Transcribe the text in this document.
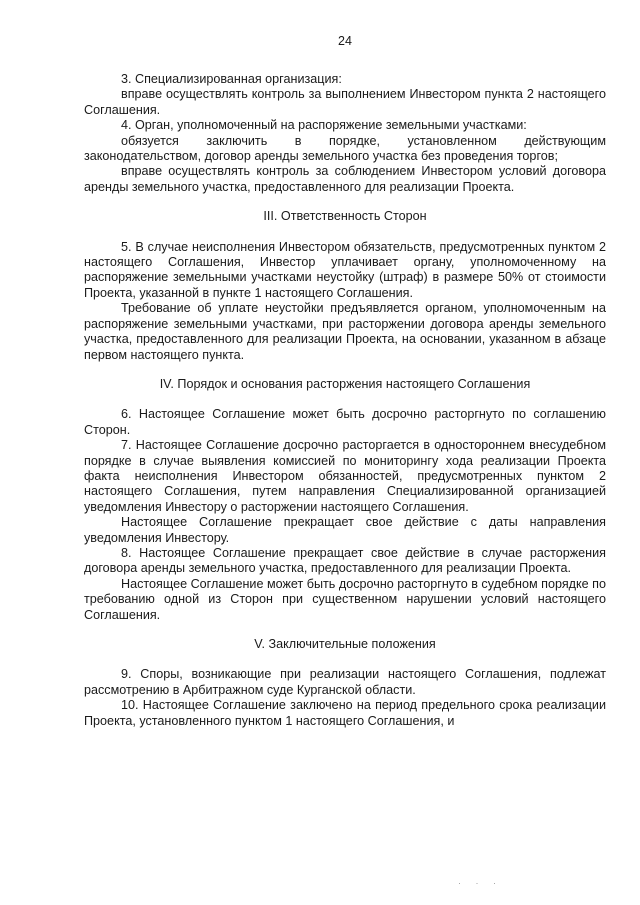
24

3. Специализированная организация:

вправе осуществлять контроль за выполнением Инвестором пункта 2 настоящего Соглашения.

4. Орган, уполномоченный на распоряжение земельными участками:

обязуется заключить в порядке, установленном действующим законодательством, договор аренды земельного участка без проведения торгов;

вправе осуществлять контроль за соблюдением Инвестором условий договора аренды земельного участка, предоставленного для реализации Проекта.

III. Ответственность Сторон

5. В случае неисполнения Инвестором обязательств, предусмотренных пунктом 2 настоящего Соглашения, Инвестор уплачивает органу, уполномоченному на распоряжение земельными участками неустойку (штраф) в размере 50% от стоимости Проекта, указанной в пункте 1 настоящего Соглашения.

Требование об уплате неустойки предъявляется органом, уполномоченным на распоряжение земельными участками, при расторжении договора аренды земельного участка, предоставленного для реализации Проекта, на основании, указанном в абзаце первом настоящего пункта.

IV. Порядок и основания расторжения настоящего Соглашения

6. Настоящее Соглашение может быть досрочно расторгнуто по соглашению Сторон.

7. Настоящее Соглашение досрочно расторгается в одностороннем внесудебном порядке в случае выявления комиссией по мониторингу хода реализации Проекта факта неисполнения Инвестором обязанностей, предусмотренных пунктом 2 настоящего Соглашения, путем направления Специализированной организацией уведомления Инвестору о расторжении настоящего Соглашения.

Настоящее Соглашение прекращает свое действие с даты направления уведомления Инвестору.

8. Настоящее Соглашение прекращает свое действие в случае расторжения договора аренды земельного участка, предоставленного для реализации Проекта.

Настоящее Соглашение может быть досрочно расторгнуто в судебном порядке по требованию одной из Сторон при существенном нарушении условий настоящего Соглашения.

V. Заключительные положения

9. Споры, возникающие при реализации настоящего Соглашения, подлежат рассмотрению в Арбитражном суде Курганской области.

10. Настоящее Соглашение заключено на период предельного срока реализации Проекта, установленного пунктом 1 настоящего Соглашения, и

· · ·
